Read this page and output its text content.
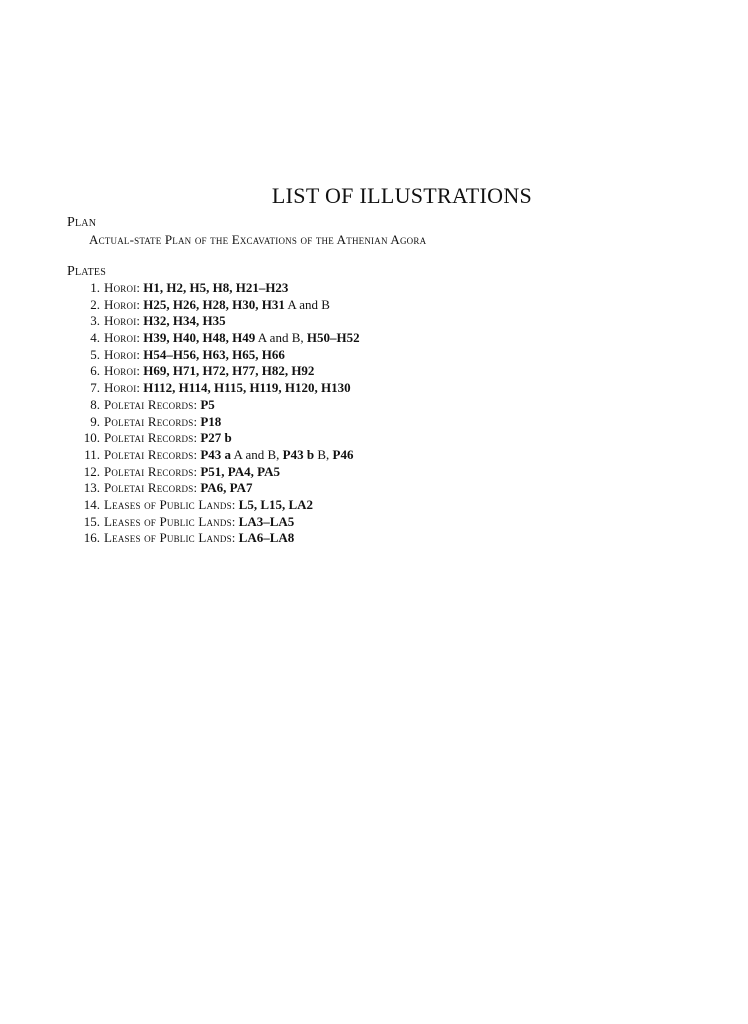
LIST OF ILLUSTRATIONS
Plan
Actual-state Plan of the Excavations of the Athenian Agora
Plates
1. Horoi: H1, H2, H5, H8, H21–H23
2. Horoi: H25, H26, H28, H30, H31 A and B
3. Horoi: H32, H34, H35
4. Horoi: H39, H40, H48, H49 A and B, H50–H52
5. Horoi: H54–H56, H63, H65, H66
6. Horoi: H69, H71, H72, H77, H82, H92
7. Horoi: H112, H114, H115, H119, H120, H130
8. Poletai Records: P5
9. Poletai Records: P18
10. Poletai Records: P27 b
11. Poletai Records: P43 a A and B, P43 b B, P46
12. Poletai Records: P51, PA4, PA5
13. Poletai Records: PA6, PA7
14. Leases of Public Lands: L5, L15, LA2
15. Leases of Public Lands: LA3–LA5
16. Leases of Public Lands: LA6–LA8
